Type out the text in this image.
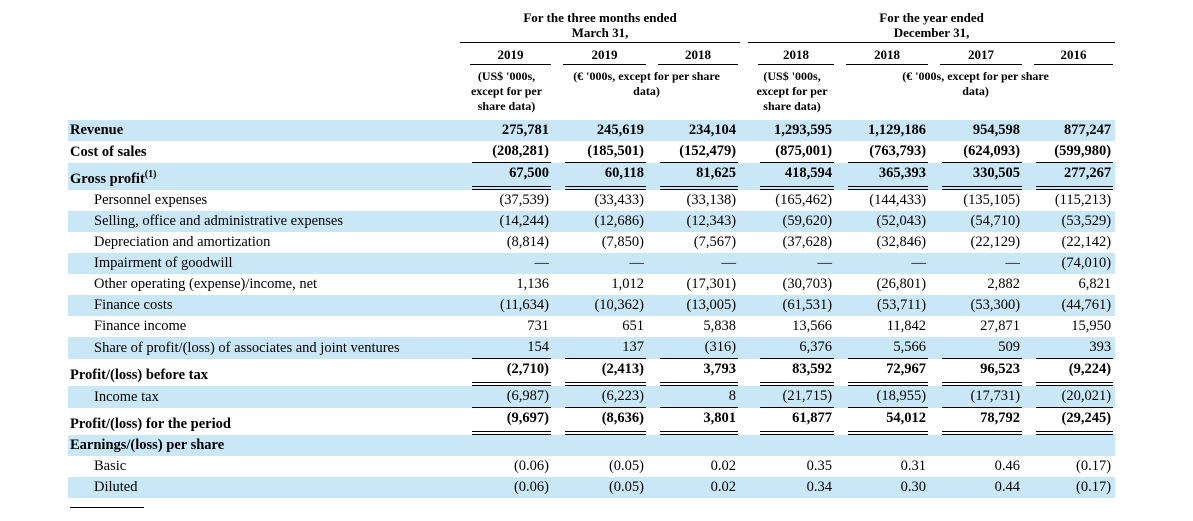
For the three months ended
March 31,

For the year ended
December 31,

	2019	2019	2018		2018	2018	2017	2016

	(US$ '000s, except for per share data)	(€ '000s, except for per share data)			(US$ '000s, except for per share data)	(€ '000s, except for per share data)		

Revenue	275,781	245,619	234,104		1,293,595	1,129,186	954,598	877,247

Cost of sales	(208,281)	(185,501)	(152,479)		(875,001)	(763,793)	(624,093)	(599,980)

Gross profit$^{(1)}$	67,500	60,118	81,625		418,594	365,393	330,505	277,267

Personnel expenses	(37,539)	(33,433)	(33,138)		(165,462)	(144,433)	(135,105)	(115,213)

Selling, office and administrative expenses	(14,244)	(12,686)	(12,343)		(59,620)	(52,043)	(54,710)	(53,529)

Depreciation and amortization	(8,814)	(7,850)	(7,567)		(37,628)	(32,846)	(22,129)	(22,142)

Impairment of goodwill	—	—	—		—	—	—	(74,010)

Other operating (expense)/income, net	1,136	1,012	(17,301)		(30,703)	(26,801)	2,882	6,821

Finance costs	(11,634)	(10,362)	(13,005)		(61,531)	(53,711)	(53,300)	(44,761)

Finance income	731	651	5,838		13,566	11,842	27,871	15,950

Share of profit/(loss) of associates and joint ventures	154	137	(316)		6,376	5,566	509	393

Profit/(loss) before tax	(2,710)	(2,413)	3,793		83,592	72,967	96,523	(9,224)

Income tax	(6,987)	(6,223)	8		(21,715)	(18,955)	(17,731)	(20,021)

Profit/(loss) for the period	(9,697)	(8,636)	3,801		61,877	54,012	78,792	(29,245)

Earnings/(loss) per share	

Basic	(0.06)	(0.05)	0.02		0.35	0.31	0.46	(0.17)

Diluted	(0.06)	(0.05)	0.02		0.34	0.30	0.44	(0.17)
